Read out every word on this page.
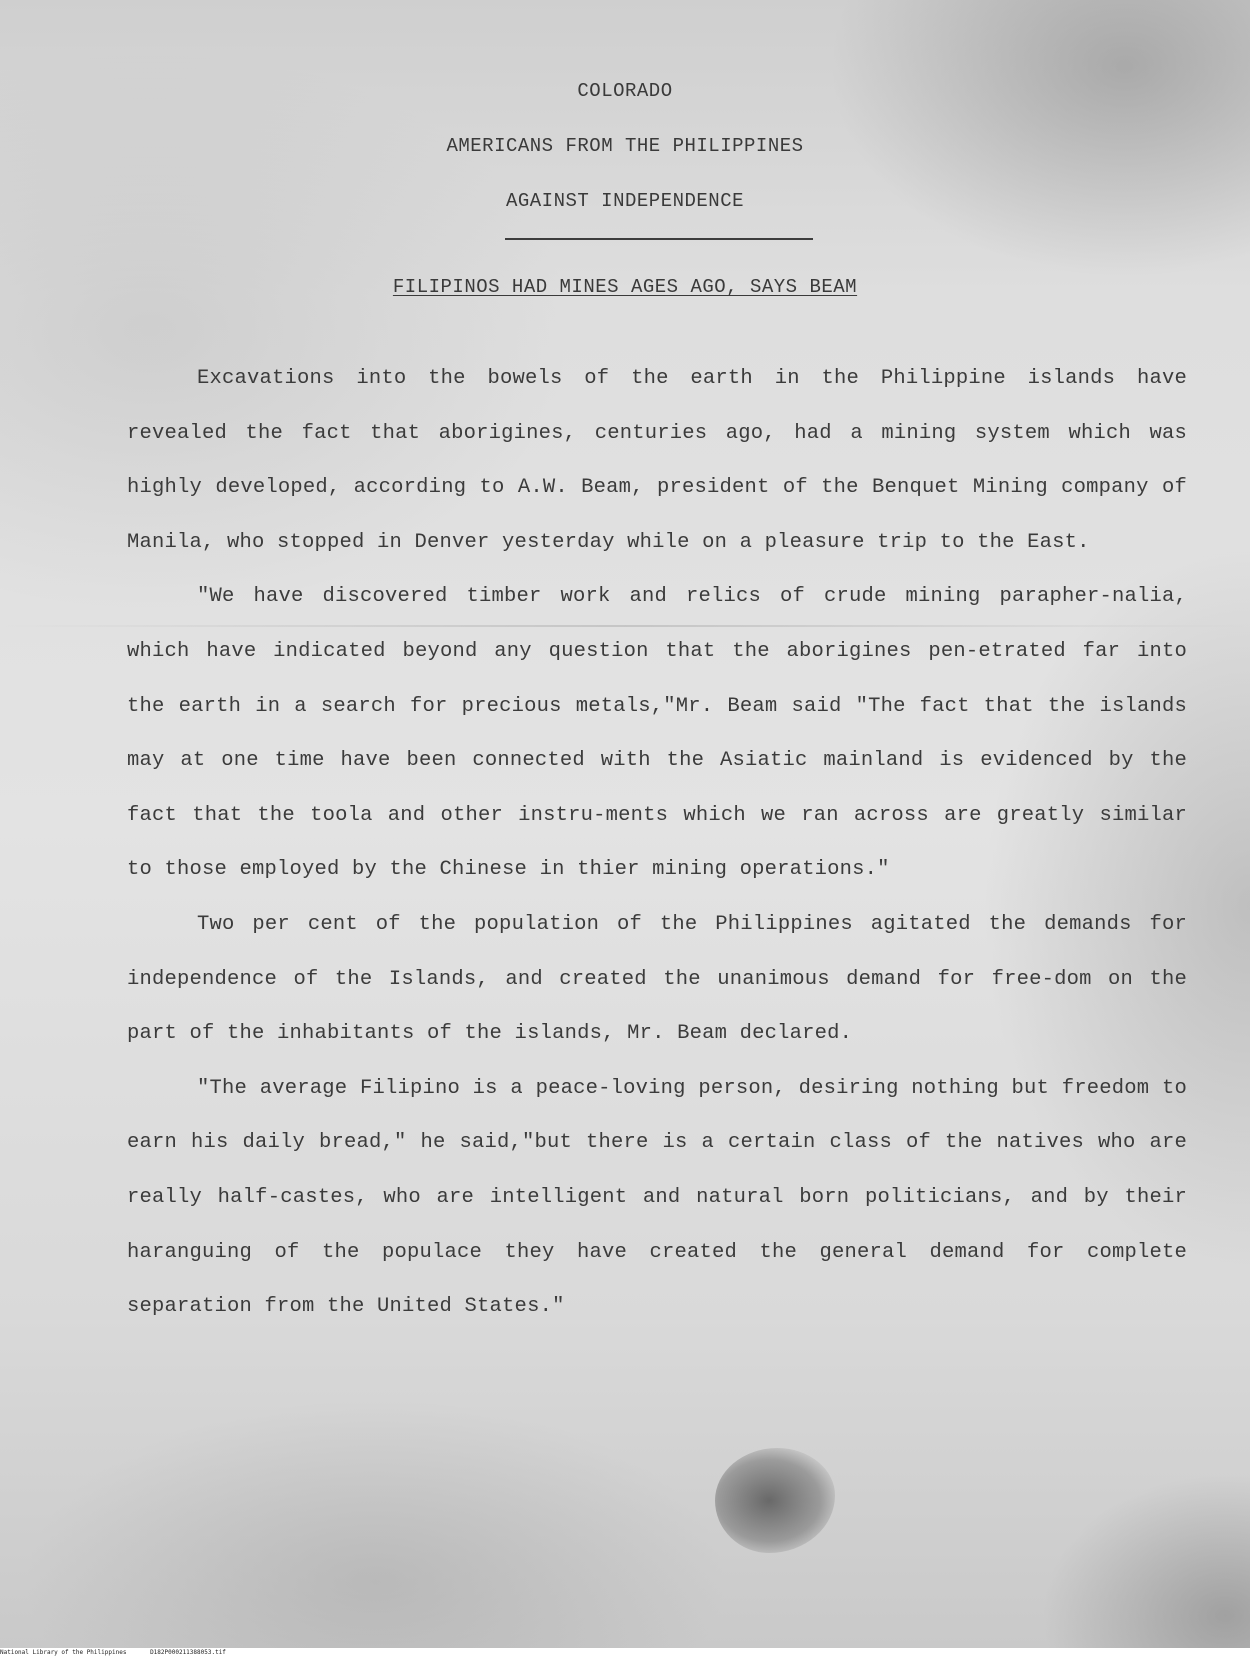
COLORADO
AMERICANS FROM THE PHILIPPINES
AGAINST INDEPENDENCE
FILIPINOS HAD MINES AGES AGO, SAYS BEAM

Excavations into the bowels of the earth in the Philippine islands have revealed the fact that aborigines, centuries ago, had a mining system which was highly developed, according to A.W. Beam, president of the Benquet Mining company of Manila, who stopped in Denver yesterday while on a pleasure trip to the East.

"We have discovered timber work and relics of crude mining parapher-nalia, which have indicated beyond any question that the aborigines pen-etrated far into the earth in a search for precious metals,"Mr. Beam said "The fact that the islands may at one time have been connected with the Asiatic mainland is evidenced by the fact that the toola and other instru-ments which we ran across are greatly similar to those employed by the Chinese in thier mining operations."

Two per cent of the population of the Philippines agitated the demands for independence of the Islands, and created the unanimous demand for free-dom on the part of the inhabitants of the islands, Mr. Beam declared.

"The average Filipino is a peace-loving person, desiring nothing but freedom to earn his daily bread," he said,"but there is a certain class of the natives who are really half-castes, who are intelligent and natural born politicians, and by their haranguing of the populace they have created the general demand for complete separation from the United States."

National Library of the Philippines	D182P000211388053.tif
